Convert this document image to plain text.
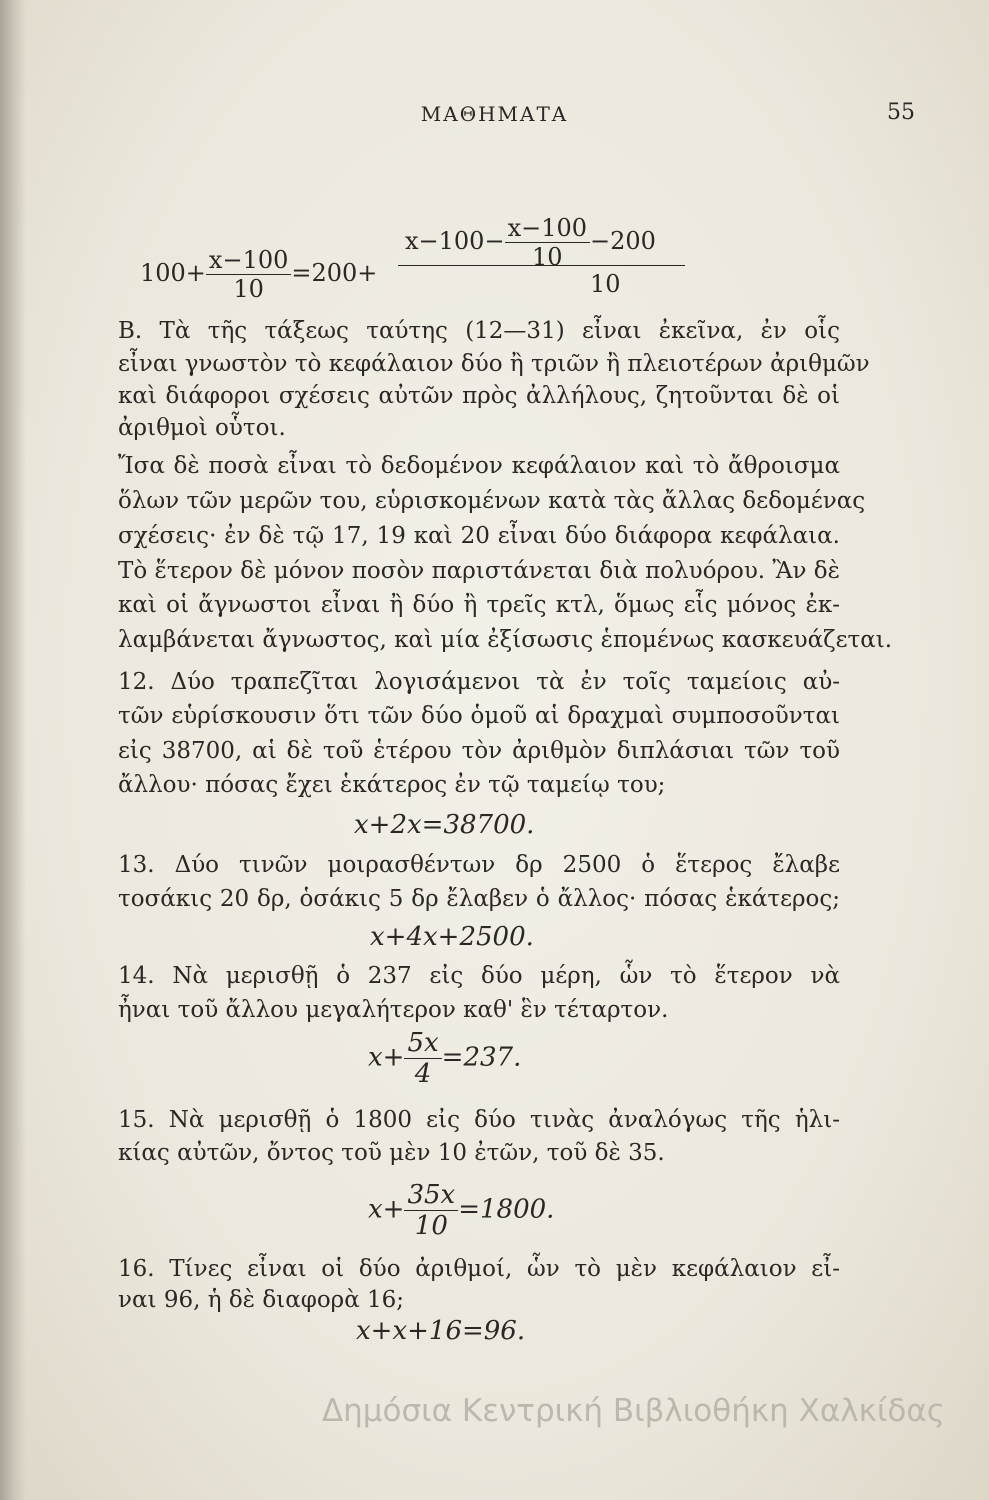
ΜΑΘΗΜΑΤΑ	55
$100+ \frac{x-100}{10} =200+$
$x-100- \frac{x-100}{10} -200$
10
Β. Τὰ τῆς τάξεως ταύτης (12—31) εἶναι ἐκεῖνα, ἐν οἷς
εἶναι γνωστὸν τὸ κεφάλαιον δύο ἢ τριῶν ἢ πλειοτέρων ἀριθμῶν
καὶ διάφοροι σχέσεις αὐτῶν πρὸς ἀλλήλους, ζητοῦνται δὲ οἱ
ἀριθμοὶ οὗτοι.
Ἴσα δὲ ποσὰ εἶναι τὸ δεδομένον κεφάλαιον καὶ τὸ ἄθροισμα
ὅλων τῶν μερῶν του, εὑρισκομένων κατὰ τὰς ἄλλας δεδομένας
σχέσεις· ἐν δὲ τῷ 17, 19 καὶ 20 εἶναι δύο διάφορα κεφάλαια.
Τὸ ἕτερον δὲ μόνον ποσὸν παριστάνεται διὰ πολυόρου. Ἂν δὲ
καὶ οἱ ἄγνωστοι εἶναι ἢ δύο ἢ τρεῖς κτλ, ὅμως εἷς μόνος ἐκ-
λαμβάνεται ἄγνωστος, καὶ μία ἐξίσωσις ἑπομένως κασκευάζεται.
12. Δύο τραπεζῖται λογισάμενοι τὰ ἐν τοῖς ταμείοις αὐ-
τῶν εὑρίσκουσιν ὅτι τῶν δύο ὁμοῦ αἱ δραχμαὶ συμποσοῦνται
εἰς 38700, αἱ δὲ τοῦ ἑτέρου τὸν ἀριθμὸν διπλάσιαι τῶν τοῦ
ἄλλου· πόσας ἔχει ἑκάτερος ἐν τῷ ταμείῳ του;
x+2x=38700.
13. Δύο τινῶν μοιρασθέντων δρ 2500 ὁ ἕτερος ἔλαβε
τοσάκις 20 δρ, ὁσάκις 5 δρ ἔλαβεν ὁ ἄλλος· πόσας ἑκάτερος;
x+4x+2500.
14. Νὰ μερισθῇ ὁ 237 εἰς δύο μέρη, ὧν τὸ ἕτερον νὰ
ἦναι τοῦ ἄλλου μεγαλήτερον καθ' ἓν τέταρτον.
$x+ \frac{5x}{4} =237$.
15. Νὰ μερισθῇ ὁ 1800 εἰς δύο τινὰς ἀναλόγως τῆς ἡλι-
κίας αὐτῶν, ὄντος τοῦ μὲν 10 ἐτῶν, τοῦ δὲ 35.
$x+ \frac{35x}{10} =1800$.
16. Τίνες εἶναι οἱ δύο ἀριθμοί, ὧν τὸ μὲν κεφάλαιον εἶ-
ναι 96, ἡ δὲ διαφορὰ 16;
x+x+16=96.
Δημόσια Κεντρική Βιβλιοθήκη Χαλκίδας
